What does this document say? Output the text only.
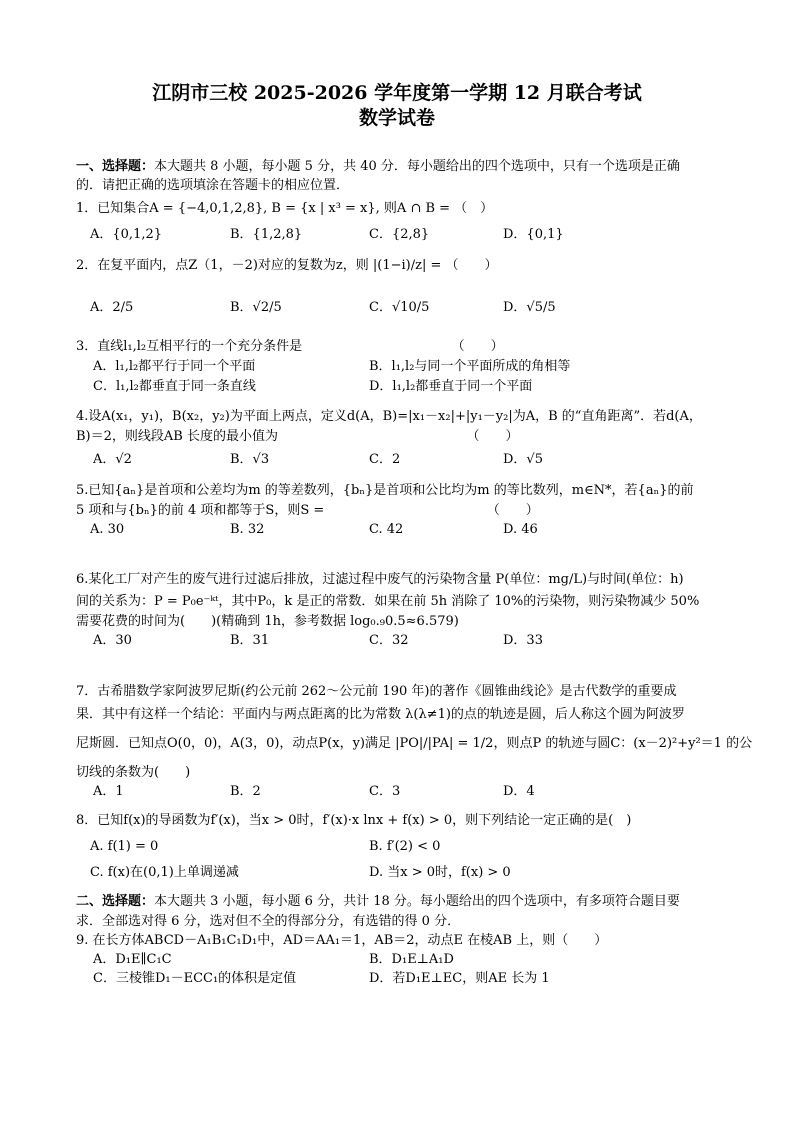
江阴市三校 2025-2026 学年度第一学期 12 月联合考试
数学试卷
一、选择题：本大题共 8 小题，每小题 5 分，共 40 分．每小题给出的四个选项中，只有一个选项是正确
的．请把正确的选项填涂在答题卡的相应位置．
1．已知集合A = {−4,0,1,2,8}, B = {x | x³ = x}, 则A ∩ B = （　）
A．{0,1,2}	B．{1,2,8}	C．{2,8}	D．{0,1}
2．在复平面内，点Z（1，－2)对应的复数为z，则 |(1−i)/z| = （　　）
A．2/5	B．√2/5	C．√10/5	D．√5/5
3．直线l₁,l₂互相平行的一个充分条件是　　　　　　　　　　　　（　　）
A．l₁,l₂都平行于同一个平面	B．l₁,l₂与同一个平面所成的角相等
C．l₁,l₂都垂直于同一条直线	D．l₁,l₂都垂直于同一个平面
4.设A(x₁，y₁)，B(x₂，y₂)为平面上两点，定义d(A，B)=|x₁－x₂|+|y₁－y₂|为A，B 的“直角距离”．若d(A，
B)＝2，则线段AB 长度的最小值为　　　　　　　　　　　　　　　（　　）
A．√2	B．√3	C．2	D．√5
5.已知{aₙ}是首项和公差均为m 的等差数列，{bₙ}是首项和公比均为m 的等比数列，m∈N*，若{aₙ}的前
5 项和与{bₙ}的前 4 项和都等于S，则S =　　　　　　　　　　　　　（　　）
A. 30	B. 32	C. 42	D. 46
6.某化工厂对产生的废气进行过滤后排放，过滤过程中废气的污染物含量 P(单位：mg/L)与时间(单位：h)
间的关系为：P = P₀e⁻ᵏᵗ，其中P₀，k 是正的常数．如果在前 5h 消除了 10%的污染物，则污染物减少 50%
需要花费的时间为(　　)(精确到 1h，参考数据 log₀.₉0.5≈6.579)
A．30	B．31	C．32	D．33
7．古希腊数学家阿波罗尼斯(约公元前 262～公元前 190 年)的著作《圆锥曲线论》是古代数学的重要成
果．其中有这样一个结论：平面内与两点距离的比为常数 λ(λ≠1)的点的轨迹是圆，后人称这个圆为阿波罗
尼斯圆．已知点O(0，0)，A(3，0)，动点P(x，y)满足 |PO|/|PA| = 1/2，则点P 的轨迹与圆C：(x－2)²+y²＝1 的公
切线的条数为(　　)
A．1	B．2	C．3	D．4
8．已知f(x)的导函数为f′(x)，当x > 0时，f′(x)·x lnx + f(x) > 0，则下列结论一定正确的是(　)
A. f(1) = 0	B. f′(2) < 0
C. f(x)在(0,1)上单调递减	D. 当x > 0时，f(x) > 0
二、选择题：本大题共 3 小题，每小题 6 分，共计 18 分。每小题给出的四个选项中，有多项符合题目要
求．全部选对得 6 分，选对但不全的得部分分，有选错的得 0 分．
9. 在长方体ABCD－A₁B₁C₁D₁中，AD＝AA₁＝1，AB＝2，动点E 在棱AB 上，则（　　）
A．D₁E∥C₁C	B．D₁E⊥A₁D
C．三棱锥D₁－ECC₁的体积是定值	D．若D₁E⊥EC，则AE 长为 1
